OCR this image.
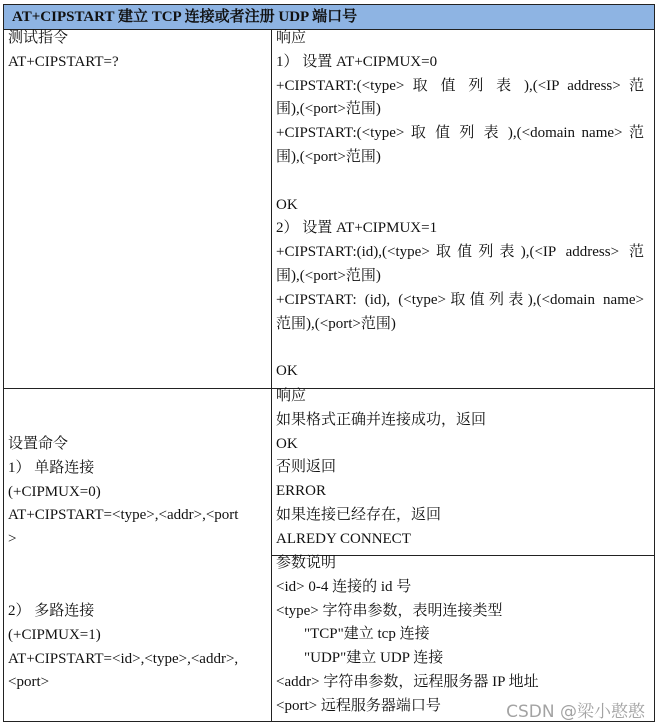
AT+CIPSTART 建立 TCP 连接或者注册 UDP 端口号
测试指令
AT+CIPSTART=?
响应
1） 设置 AT+CIPMUX=0
+CIPSTART:(<type> 取 值 列 表 ),(<IP address> 范
围),(<port>范围)
+CIPSTART:(<type> 取 值 列 表 ),(<domain name> 范
围),(<port>范围)
OK
2） 设置 AT+CIPMUX=1
+CIPSTART:(id),(<type>取值列表),(<IP address> 范
围),(<port>范围)
+CIPSTART: (id), (<type>取值列表),(<domain name>
范围),(<port>范围)
OK
设置命令
1） 单路连接
(+CIPMUX=0)
AT+CIPSTART=<type>,<addr>,<port
>
2） 多路连接
(+CIPMUX=1)
AT+CIPSTART=<id>,<type>,<addr>,
<port>
响应
如果格式正确并连接成功，返回
OK
否则返回
ERROR
如果连接已经存在，返回
ALREDY CONNECT
参数说明
<id> 0-4 连接的 id 号
<type> 字符串参数，表明连接类型
"TCP"建立 tcp 连接
"UDP"建立 UDP 连接
<addr> 字符串参数，远程服务器 IP 地址
<port> 远程服务器端口号	CSDN @梁小憨憨
